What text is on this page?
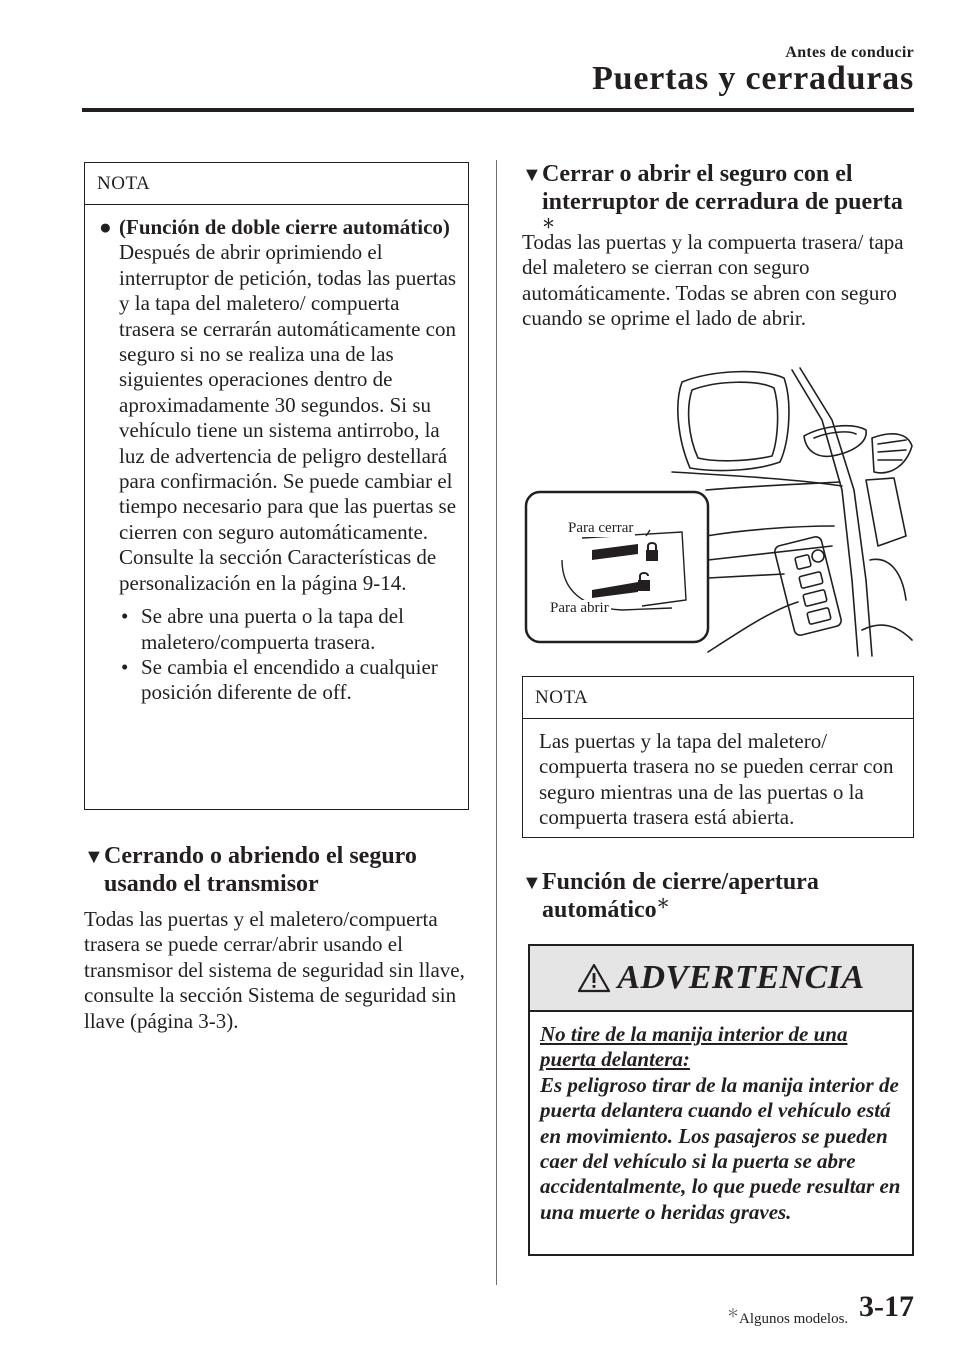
Antes de conducir
Puertas y cerraduras
NOTA
● (Función de doble cierre automático)
Después de abrir oprimiendo el interruptor de petición, todas las puertas y la tapa del maletero/ compuerta trasera se cerrarán automáticamente con seguro si no se realiza una de las siguientes operaciones dentro de aproximadamente 30 segundos. Si su vehículo tiene un sistema antirrobo, la luz de advertencia de peligro destellará para confirmación. Se puede cambiar el tiempo necesario para que las puertas se cierren con seguro automáticamente. Consulte la sección Características de personalización en la página 9-14.
• Se abre una puerta o la tapa del maletero/compuerta trasera.
• Se cambia el encendido a cualquier posición diferente de off.
▼ Cerrando o abriendo el seguro usando el transmisor
Todas las puertas y el maletero/compuerta trasera se puede cerrar/abrir usando el transmisor del sistema de seguridad sin llave, consulte la sección Sistema de seguridad sin llave (página 3-3).
▼ Cerrar o abrir el seguro con el interruptor de cerradura de puerta＊
Todas las puertas y la compuerta trasera/ tapa del maletero se cierran con seguro automáticamente. Todas se abren con seguro cuando se oprime el lado de abrir.
Para cerrar
Para abrir
NOTA
Las puertas y la tapa del maletero/ compuerta trasera no se pueden cerrar con seguro mientras una de las puertas o la compuerta trasera está abierta.
▼ Función de cierre/apertura automático＊
ADVERTENCIA
No tire de la manija interior de una puerta delantera:
Es peligroso tirar de la manija interior de puerta delantera cuando el vehículo está en movimiento. Los pasajeros se pueden caer del vehículo si la puerta se abre accidentalmente, lo que puede resultar en una muerte o heridas graves.
＊Algunos modelos. 3-17
